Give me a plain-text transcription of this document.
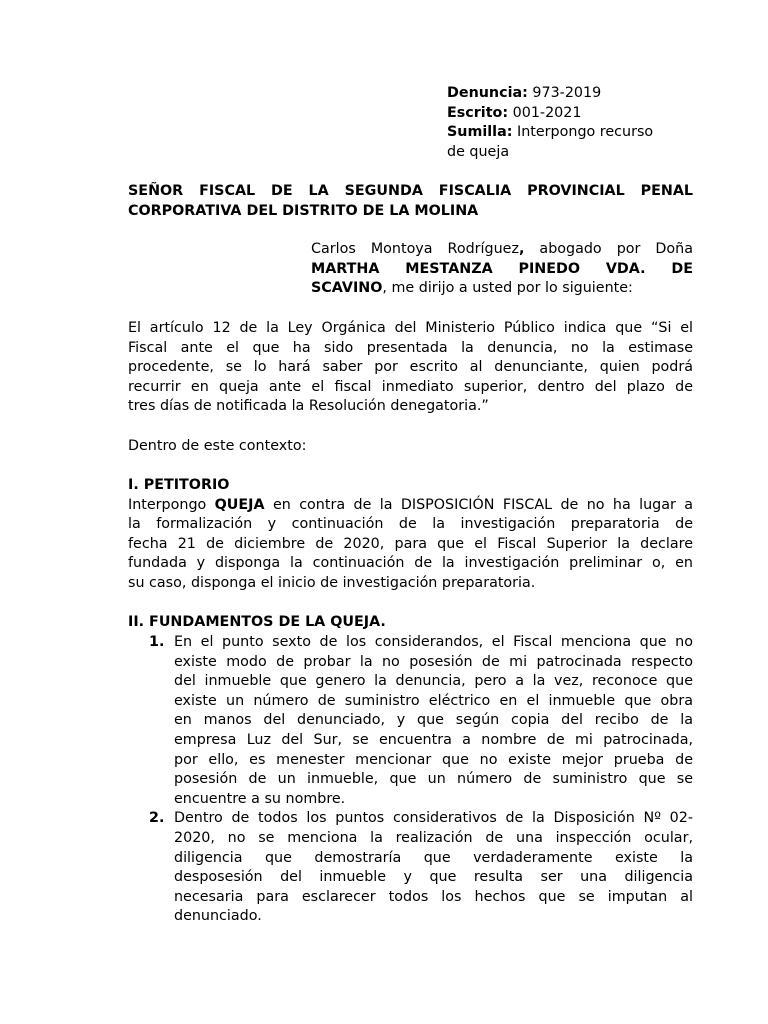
Denuncia: 973-2019
Escrito: 001-2021
Sumilla: Interpongo recurso
de queja
SEÑOR FISCAL DE LA SEGUNDA FISCALIA PROVINCIAL PENAL
CORPORATIVA DEL DISTRITO DE LA MOLINA
Carlos Montoya Rodríguez, abogado por Doña
MARTHA MESTANZA PINEDO VDA. DE
SCAVINO, me dirijo a usted por lo siguiente:
El artículo 12 de la Ley Orgánica del Ministerio Público indica que “Si el
Fiscal ante el que ha sido presentada la denuncia, no la estimase
procedente, se lo hará saber por escrito al denunciante, quien podrá
recurrir en queja ante el fiscal inmediato superior, dentro del plazo de
tres días de notificada la Resolución denegatoria.”
Dentro de este contexto:
I. PETITORIO
Interpongo QUEJA en contra de la DISPOSICIÓN FISCAL de no ha lugar a
la formalización y continuación de la investigación preparatoria de
fecha 21 de diciembre de 2020, para que el Fiscal Superior la declare
fundada y disponga la continuación de la investigación preliminar o, en
su caso, disponga el inicio de investigación preparatoria.
II. FUNDAMENTOS DE LA QUEJA.
1. En el punto sexto de los considerandos, el Fiscal menciona que no
existe modo de probar la no posesión de mi patrocinada respecto
del inmueble que genero la denuncia, pero a la vez, reconoce que
existe un número de suministro eléctrico en el inmueble que obra
en manos del denunciado, y que según copia del recibo de la
empresa Luz del Sur, se encuentra a nombre de mi patrocinada,
por ello, es menester mencionar que no existe mejor prueba de
posesión de un inmueble, que un número de suministro que se
encuentre a su nombre.
2. Dentro de todos los puntos considerativos de la Disposición Nº 02-
2020, no se menciona la realización de una inspección ocular,
diligencia que demostraría que verdaderamente existe la
desposesión del inmueble y que resulta ser una diligencia
necesaria para esclarecer todos los hechos que se imputan al
denunciado.
